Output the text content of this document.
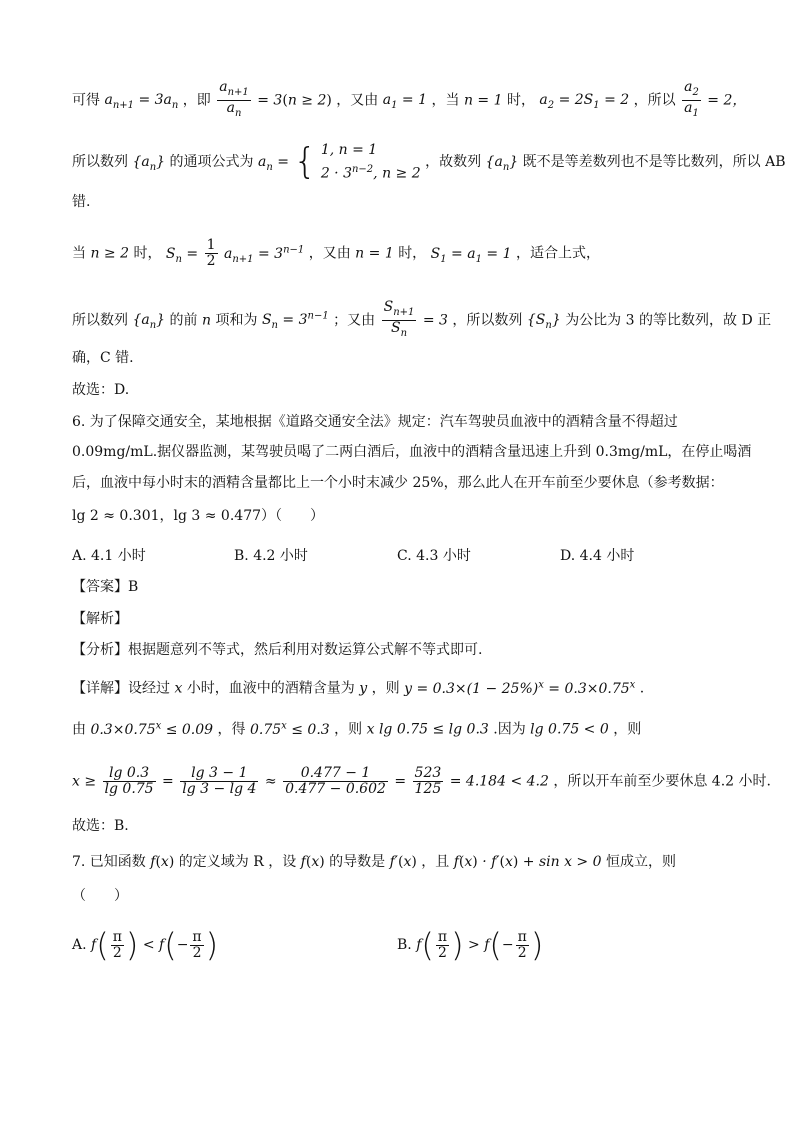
可得 $a_{n+1} = 3a_n$ ，即 $\frac{a_{n+1}}{a_n} = 3(n \ge 2)$ ，又由 $a_1 = 1$ ，当 n = 1 时， $a_2 = 2S_1 = 2$ ，所以 $\frac{a_2}{a_1} = 2$，
所以数列 $\{a_n\}$ 的通项公式为 $a_n$ = { 1, n = 1
$2 \cdot 3^{n-2}$, n ≥ 2 ，故数列 $\{a_n\}$ 既不是等差数列也不是等比数列，所以 AB
错.
当 n ≥ 2 时， $S_n = \frac{1}{2} a_{n+1} = 3^{n-1}$ ，又由 n = 1 时， $S_1 = a_1 = 1$ ，适合上式，
所以数列 $\{a_n\}$ 的前 n 项和为 $S_n = 3^{n-1}$ ；又由 $\frac{S_{n+1}}{S_n} = 3$ ，所以数列 $\{S_n\}$ 为公比为 3 的等比数列，故 D 正
确，C 错.
故选：D.
6. 为了保障交通安全，某地根据《道路交通安全法》规定：汽车驾驶员血液中的酒精含量不得超过
0.09mg/mL.据仪器监测，某驾驶员喝了二两白酒后，血液中的酒精含量迅速上升到 0.3mg/mL，在停止喝酒
后，血液中每小时末的酒精含量都比上一个小时末减少 25%，那么此人在开车前至少要休息（参考数据：
lg 2 ≈ 0.301，lg 3 ≈ 0.477）（　　）
A. 4.1 小时	B. 4.2 小时	C. 4.3 小时	D. 4.4 小时
【答案】B
【解析】
【分析】根据题意列不等式，然后利用对数运算公式解不等式即可.
【详解】设经过 x 小时，血液中的酒精含量为 y ，则 $y = 0.3\times(1 - 25\%)^x = 0.3\times 0.75^x$ .
由 $0.3\times 0.75^x \le 0.09$ ，得 $0.75^x \le 0.3$ ，则 x lg 0.75 ≤ lg 0.3 .因为 lg 0.75 < 0 ，则
$x \ge \frac{\lg 0.3}{\lg 0.75} = \frac{\lg 3 - 1}{\lg 3 - \lg 4} \approx \frac{0.477 - 1}{0.477 - 0.602} = \frac{523}{125} = 4.184 < 4.2$ ，所以开车前至少要休息 4.2 小时.
故选：B.
7. 已知函数 f(x) 的定义域为 R ，设 f(x) 的导数是 f′(x) ，且 f(x) · f′(x) + sin x > 0 恒成立，则
（　　）
A. $f( \frac{\pi}{2}$ ) < $f(- \frac{\pi}{2}$ )	B. $f( \frac{\pi}{2}$ ) > $f(- \frac{\pi}{2}$ )
